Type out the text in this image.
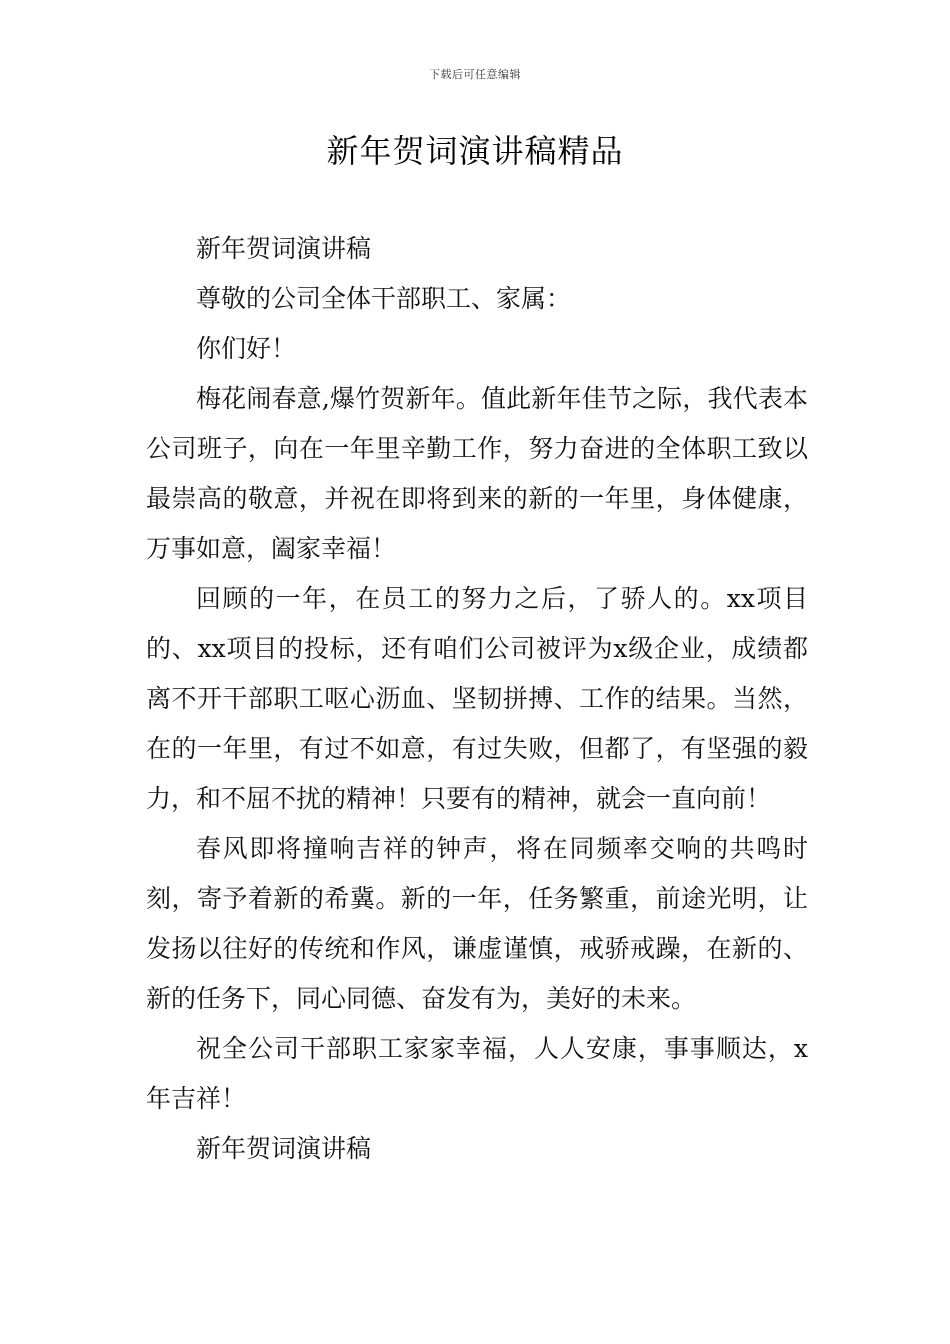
下载后可任意编辑
新年贺词演讲稿精品

新年贺词演讲稿

尊敬的公司全体干部职工、家属：

你们好！

梅花闹春意,爆竹贺新年。值此新年佳节之际，我代表本公司班子，向在一年里辛勤工作，努力奋进的全体职工致以最崇高的敬意，并祝在即将到来的新的一年里，身体健康，万事如意，阖家幸福！

回顾的一年，在员工的努力之后，了骄人的。xx项目的、xx项目的投标，还有咱们公司被评为x级企业，成绩都离不开干部职工呕心沥血、坚韧拼搏、工作的结果。当然，在的一年里，有过不如意，有过失败，但都了，有坚强的毅力，和不屈不扰的精神！只要有的精神，就会一直向前！

春风即将撞响吉祥的钟声，将在同频率交响的共鸣时刻，寄予着新的希冀。新的一年，任务繁重，前途光明，让发扬以往好的传统和作风，谦虚谨慎，戒骄戒躁，在新的、新的任务下，同心同德、奋发有为，美好的未来。

祝全公司干部职工家家幸福，人人安康，事事顺达，x年吉祥！

新年贺词演讲稿
